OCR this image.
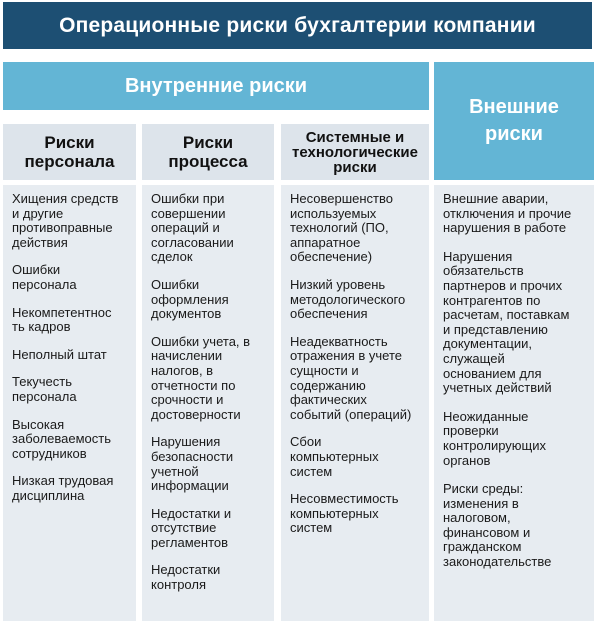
Операционные риски бухгалтерии компании
Внутренние риски
Внешние
риски
Риски
персонала
Риски
процесса
Системные и
технологические
риски
Хищения средств
и другие
противоправные
действия
Ошибки
персонала
Некомпетентнос
ть кадров
Неполный штат
Текучесть
персонала
Высокая
заболеваемость
сотрудников
Низкая трудовая
дисциплина
Ошибки при
совершении
операций и
согласовании
сделок
Ошибки
оформления
документов
Ошибки учета, в
начислении
налогов, в
отчетности по
срочности и
достоверности
Нарушения
безопасности
учетной
информации
Недостатки и
отсутствие
регламентов
Недостатки
контроля
Несовершенство
используемых
технологий (ПО,
аппаратное
обеспечение)
Низкий уровень
методологического
обеспечения
Неадекватность
отражения в учете
сущности и
содержанию
фактических
событий (операций)
Сбои
компьютерных
систем
Несовместимость
компьютерных
систем
Внешние аварии,
отключения и прочие
нарушения в работе
Нарушения
обязательств
партнеров и прочих
контрагентов по
расчетам, поставкам
и представлению
документации,
служащей
основанием для
учетных действий
Неожиданные
проверки
контролирующих
органов
Риски среды:
изменения в
налоговом,
финансовом и
гражданском
законодательстве
